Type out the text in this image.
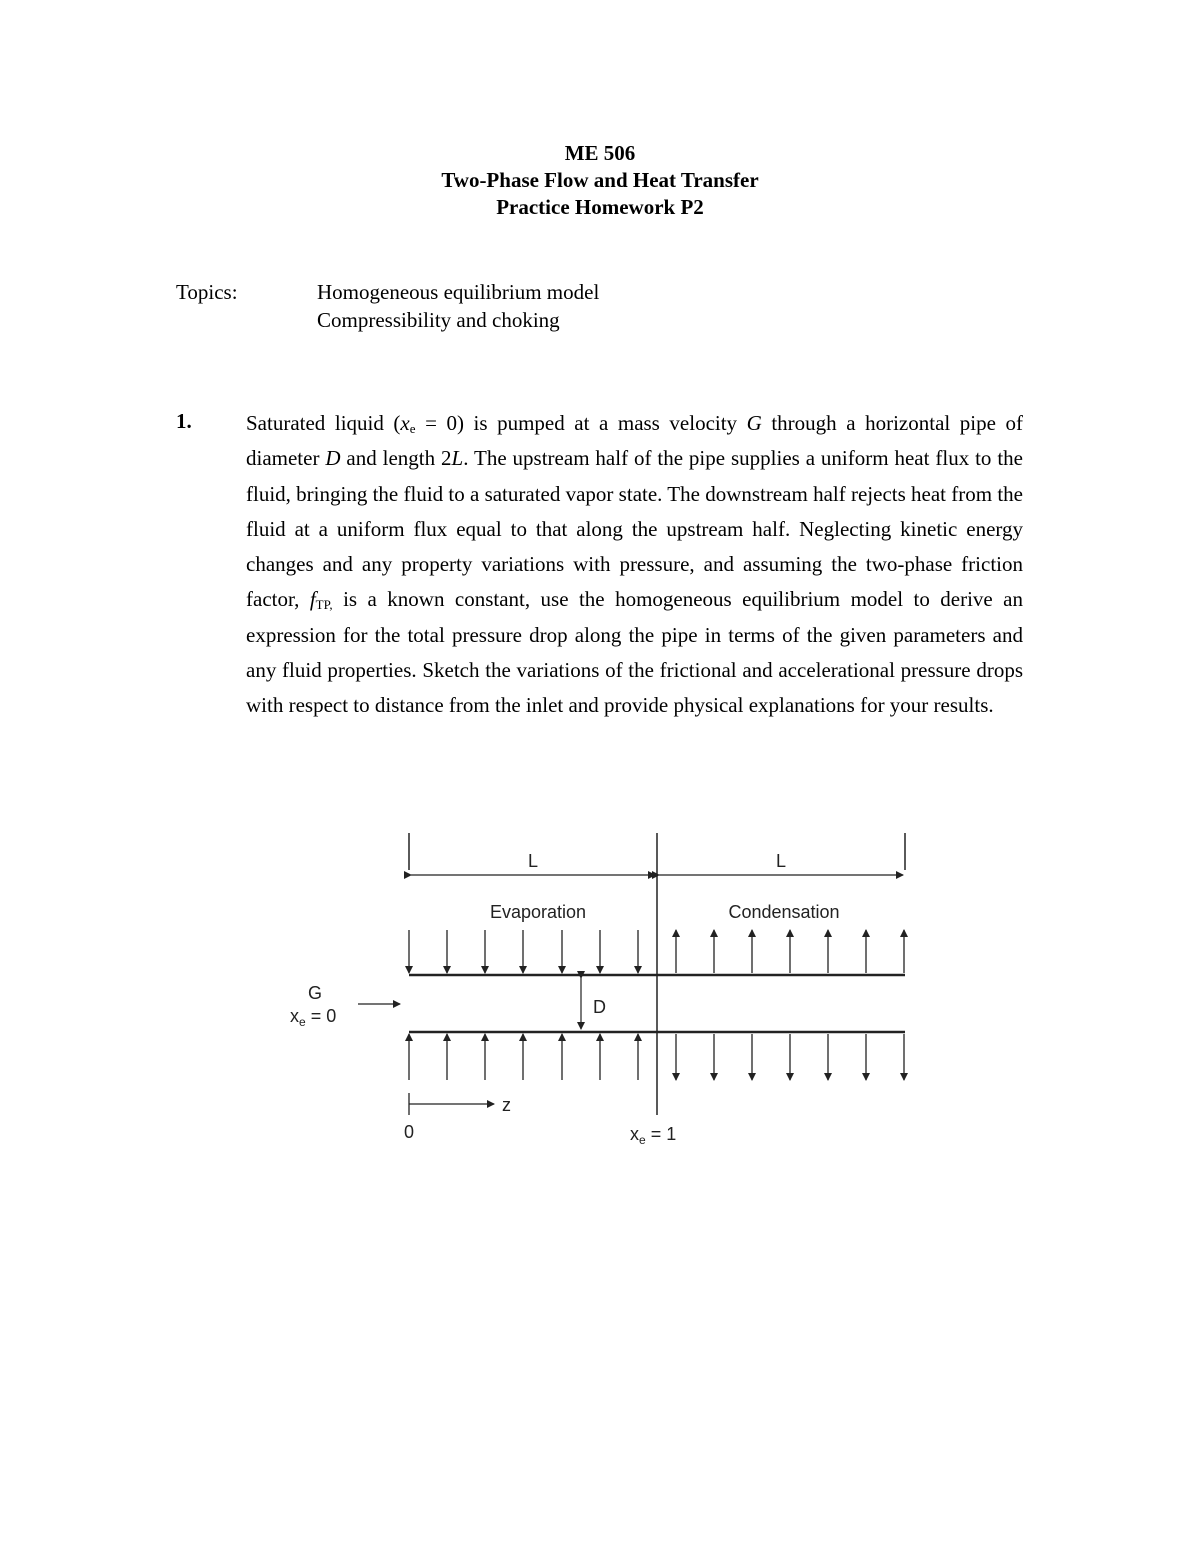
ME 506
Two-Phase Flow and Heat Transfer
Practice Homework P2
Topics:	Homogeneous equilibrium model
Compressibility and choking
1.	Saturated liquid $(x_e = 0)$ is pumped at a mass velocity G through a horizontal pipe of diameter D and length 2L. The upstream half of the pipe supplies a uniform heat flux to the fluid, bringing the fluid to a saturated vapor state. The downstream half rejects heat from the fluid at a uniform flux equal to that along the upstream half. Neglecting kinetic energy changes and any property variations with pressure, and assuming the two-phase friction factor, $f_{TP,}$ is a known constant, use the homogeneous equilibrium model to derive an expression for the total pressure drop along the pipe in terms of the given parameters and any fluid properties. Sketch the variations of the frictional and accelerational pressure drops with respect to distance from the inlet and provide physical explanations for your results.
L	L
Evaporation	Condensation
D
G
$x_e = 0$
z
0	$x_e = 1$
